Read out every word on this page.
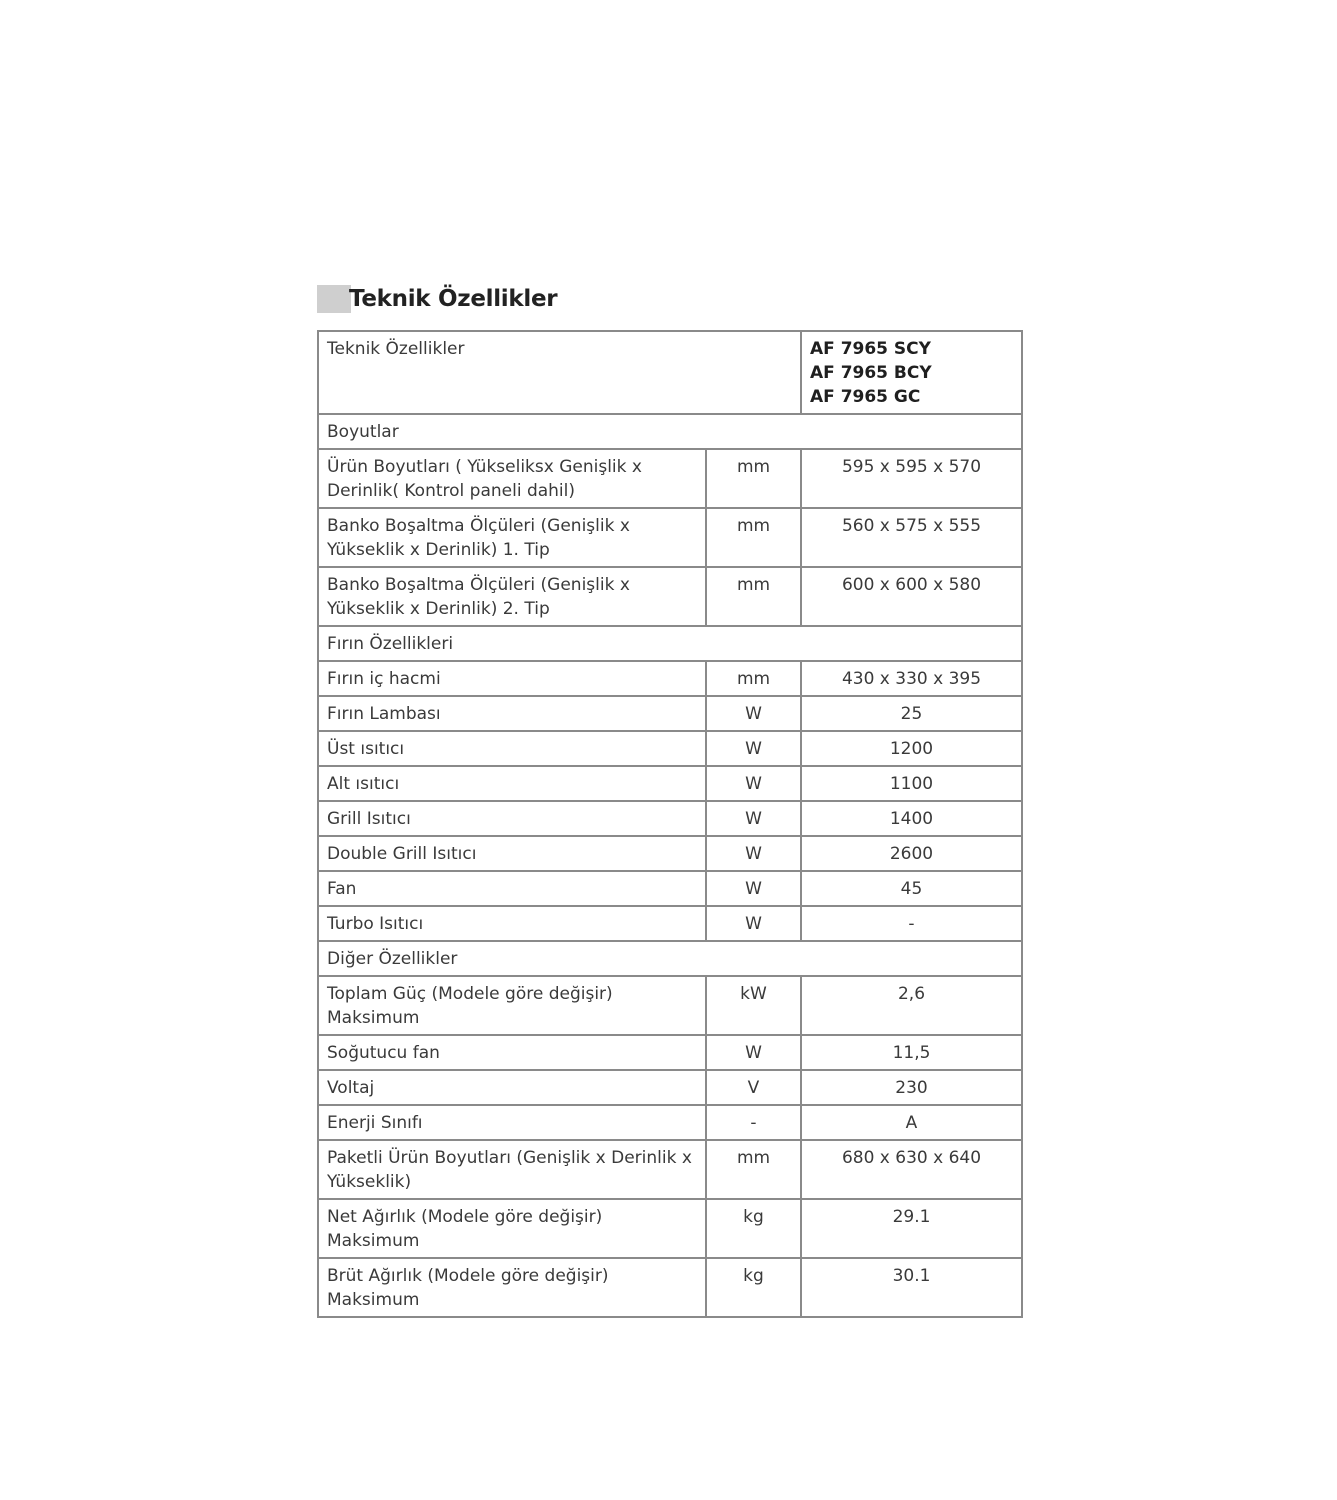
Teknik Özellikler
Teknik Özellikler		AF 7965 SCY
AF 7965 BCY
AF 7965 GC

Boyutlar		
Ürün Boyutları ( Yükseliksx Genişlik x Derinlik( Kontrol paneli dahil)	mm	595 x 595 x 570
Banko Boşaltma Ölçüleri (Genişlik x Yükseklik x Derinlik) 1. Tip	mm	560 x 575 x 555
Banko Boşaltma Ölçüleri (Genişlik x Yükseklik x Derinlik) 2. Tip	mm	600 x 600 x 580
Fırın Özellikleri		
Fırın iç hacmi	mm	430 x 330 x 395
Fırın Lambası	W	25
Üst ısıtıcı	W	1200
Alt ısıtıcı	W	1100
Grill Isıtıcı	W	1400
Double Grill Isıtıcı	W	2600
Fan	W	45
Turbo Isıtıcı	W	-
Diğer Özellikler		
Toplam Güç (Modele göre değişir) Maksimum	kW	2,6
Soğutucu fan	W	11,5
Voltaj	V	230
Enerji Sınıfı	-	A
Paketli Ürün Boyutları (Genişlik x Derinlik x Yükseklik)	mm	680 x 630 x 640
Net Ağırlık (Modele göre değişir) Maksimum	kg	29.1
Brüt Ağırlık (Modele göre değişir) Maksimum	kg	30.1
